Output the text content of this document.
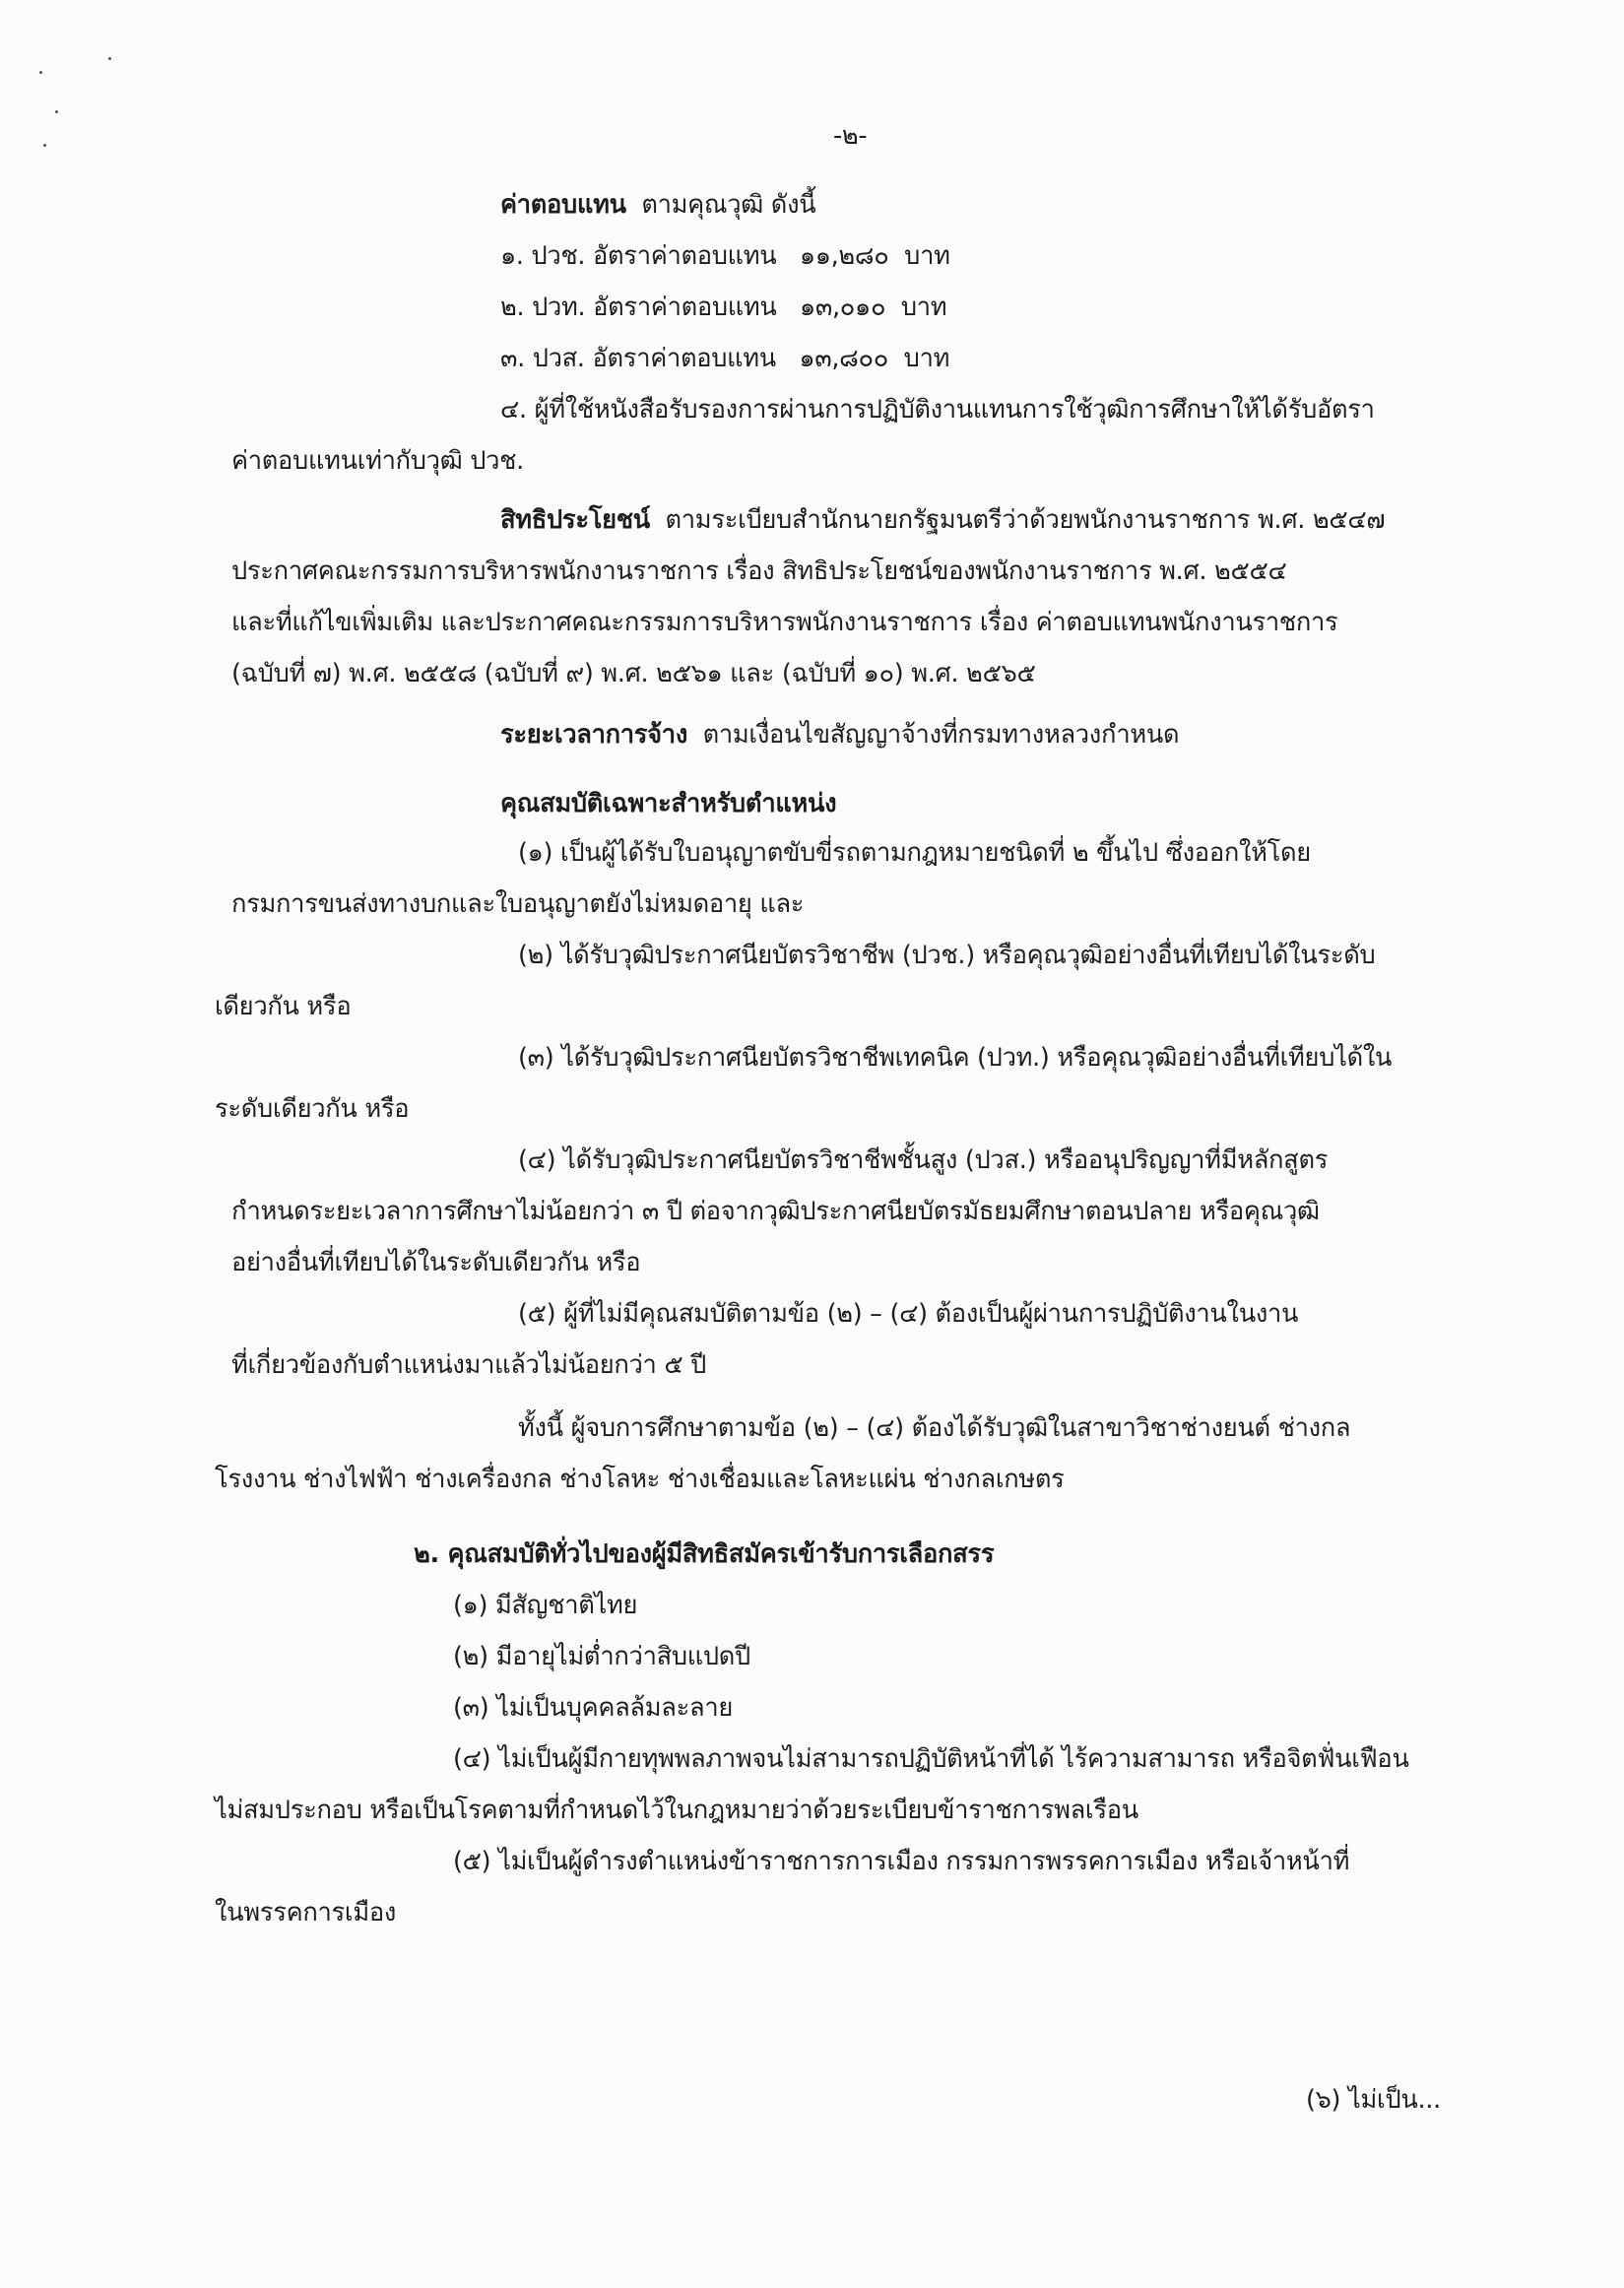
-๒-
ค่าตอบแทน ตามคุณวุฒิ ดังนี้
๑. ปวช. อัตราค่าตอบแทน   ๑๑,๒๘๐  บาท
๒. ปวท. อัตราค่าตอบแทน   ๑๓,๐๑๐  บาท
๓. ปวส. อัตราค่าตอบแทน   ๑๓,๘๐๐  บาท
๔. ผู้ที่ใช้หนังสือรับรองการผ่านการปฏิบัติงานแทนการใช้วุฒิการศึกษาให้ได้รับอัตรา
ค่าตอบแทนเท่ากับวุฒิ ปวช.
สิทธิประโยชน์ ตามระเบียบสำนักนายกรัฐมนตรีว่าด้วยพนักงานราชการ พ.ศ. ๒๕๔๗
ประกาศคณะกรรมการบริหารพนักงานราชการ เรื่อง สิทธิประโยชน์ของพนักงานราชการ พ.ศ. ๒๕๕๔
และที่แก้ไขเพิ่มเติม และประกาศคณะกรรมการบริหารพนักงานราชการ เรื่อง ค่าตอบแทนพนักงานราชการ
(ฉบับที่ ๗) พ.ศ. ๒๕๕๘ (ฉบับที่ ๙) พ.ศ. ๒๕๖๑ และ (ฉบับที่ ๑๐) พ.ศ. ๒๕๖๕
ระยะเวลาการจ้าง ตามเงื่อนไขสัญญาจ้างที่กรมทางหลวงกำหนด
คุณสมบัติเฉพาะสำหรับตำแหน่ง
(๑) เป็นผู้ได้รับใบอนุญาตขับขี่รถตามกฎหมายชนิดที่ ๒ ขึ้นไป ซึ่งออกให้โดย
กรมการขนส่งทางบกและใบอนุญาตยังไม่หมดอายุ และ
(๒) ได้รับวุฒิประกาศนียบัตรวิชาชีพ (ปวช.) หรือคุณวุฒิอย่างอื่นที่เทียบได้ในระดับ
เดียวกัน หรือ
(๓) ได้รับวุฒิประกาศนียบัตรวิชาชีพเทคนิค (ปวท.) หรือคุณวุฒิอย่างอื่นที่เทียบได้ใน
ระดับเดียวกัน หรือ
(๔) ได้รับวุฒิประกาศนียบัตรวิชาชีพชั้นสูง (ปวส.) หรืออนุปริญญาที่มีหลักสูตร
กำหนดระยะเวลาการศึกษาไม่น้อยกว่า ๓ ปี ต่อจากวุฒิประกาศนียบัตรมัธยมศึกษาตอนปลาย หรือคุณวุฒิ
อย่างอื่นที่เทียบได้ในระดับเดียวกัน หรือ
(๕) ผู้ที่ไม่มีคุณสมบัติตามข้อ (๒) – (๔) ต้องเป็นผู้ผ่านการปฏิบัติงานในงาน
ที่เกี่ยวข้องกับตำแหน่งมาแล้วไม่น้อยกว่า ๕ ปี
ทั้งนี้ ผู้จบการศึกษาตามข้อ (๒) – (๔) ต้องได้รับวุฒิในสาขาวิชาช่างยนต์ ช่างกล
โรงงาน ช่างไฟฟ้า ช่างเครื่องกล ช่างโลหะ ช่างเชื่อมและโลหะแผ่น ช่างกลเกษตร
๒. คุณสมบัติทั่วไปของผู้มีสิทธิสมัครเข้ารับการเลือกสรร
(๑) มีสัญชาติไทย
(๒) มีอายุไม่ต่ำกว่าสิบแปดปี
(๓) ไม่เป็นบุคคลล้มละลาย
(๔) ไม่เป็นผู้มีกายทุพพลภาพจนไม่สามารถปฏิบัติหน้าที่ได้ ไร้ความสามารถ หรือจิตฟั่นเฟือน
ไม่สมประกอบ หรือเป็นโรคตามที่กำหนดไว้ในกฎหมายว่าด้วยระเบียบข้าราชการพลเรือน
(๕) ไม่เป็นผู้ดำรงตำแหน่งข้าราชการการเมือง กรรมการพรรคการเมือง หรือเจ้าหน้าที่
ในพรรคการเมือง
(๖) ไม่เป็น...
